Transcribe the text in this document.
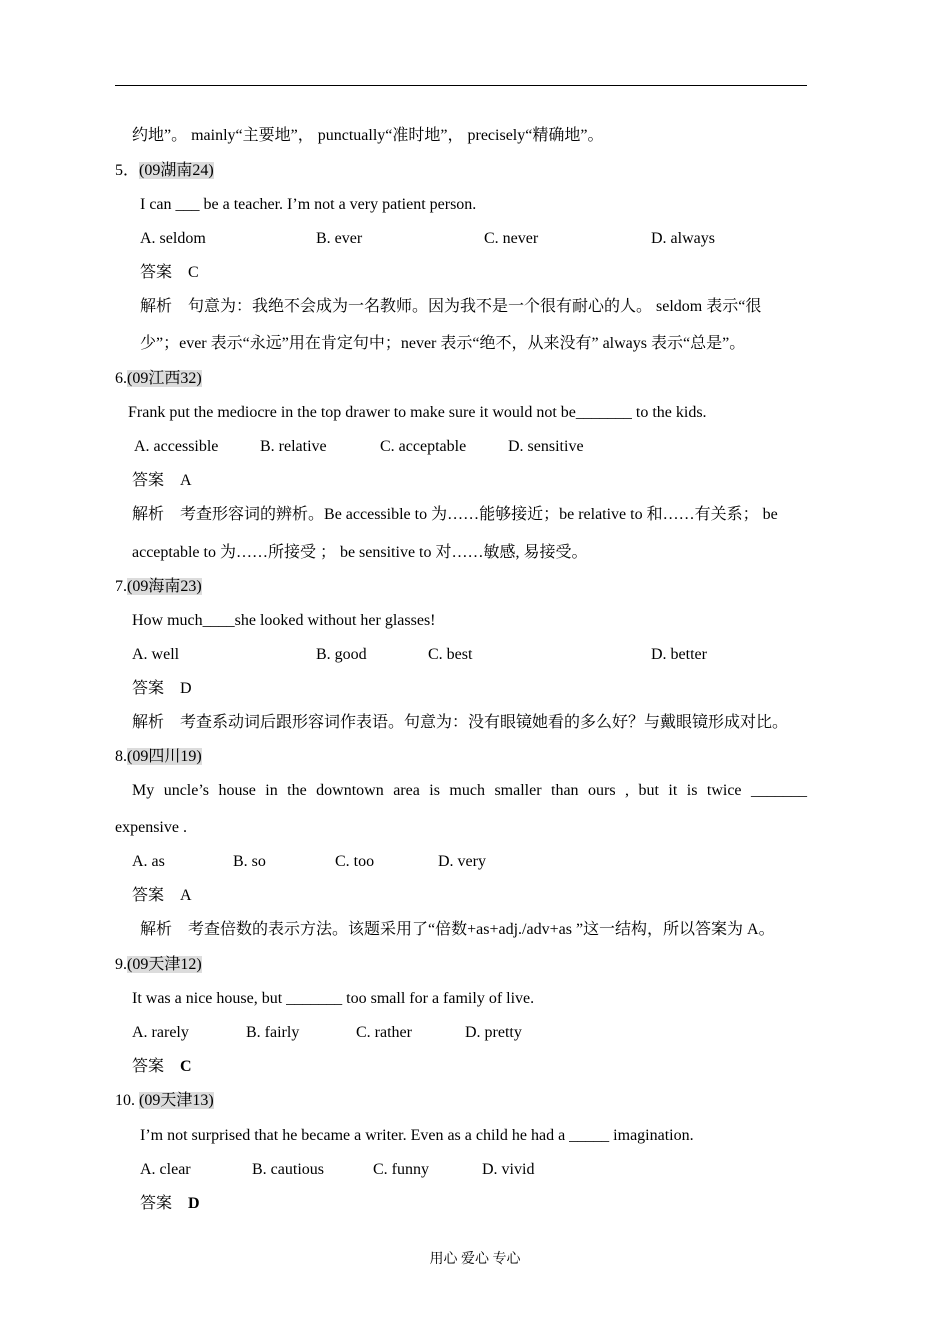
约地”。 mainly“主要地”， punctually“准时地”， precisely“精确地”。
5．(09湖南24)
I can ___ be a teacher. I’m not a very patient person.
A. seldom	B. ever	C. never	D. always
答案 C
解析 句意为：我绝不会成为一名教师。因为我不是一个很有耐心的人。 seldom 表示“很
少”；ever 表示“永远”用在肯定句中；never 表示“绝不，从来没有” always 表示“总是”。
6.(09江西32)
Frank put the mediocre in the top drawer to make sure it would not be_______ to the kids.
A. accessible	B. relative	C. acceptable	D. sensitive
答案 A
解析 考查形容词的辨析。Be accessible to 为……能够接近；be relative to 和……有关系； be
acceptable to 为……所接受 ； be sensitive to 对……敏感, 易接受。
7.(09海南23)
How much____she looked without her glasses!
A. well	B. good	C. best	D. better
答案 D
解析 考查系动词后跟形容词作表语。句意为：没有眼镜她看的多么好？与戴眼镜形成对比。
8.(09四川19)
My uncle’s house in the downtown area is much smaller than ours , but it is twice _______
expensive .
A. as	B. so	C. too	D. very
答案 A
解析 考查倍数的表示方法。该题采用了“倍数+as+adj./adv+as ”这一结构，所以答案为 A。
9.(09天津12)
It was a nice house, but _______ too small for a family of live.
A. rarely	B. fairly	C. rather	D. pretty
答案 C
10. (09天津13)
I’m not surprised that he became a writer. Even as a child he had a _____ imagination.
A. clear	B. cautious	C. funny	D. vivid
答案 D
用心 爱心 专心
